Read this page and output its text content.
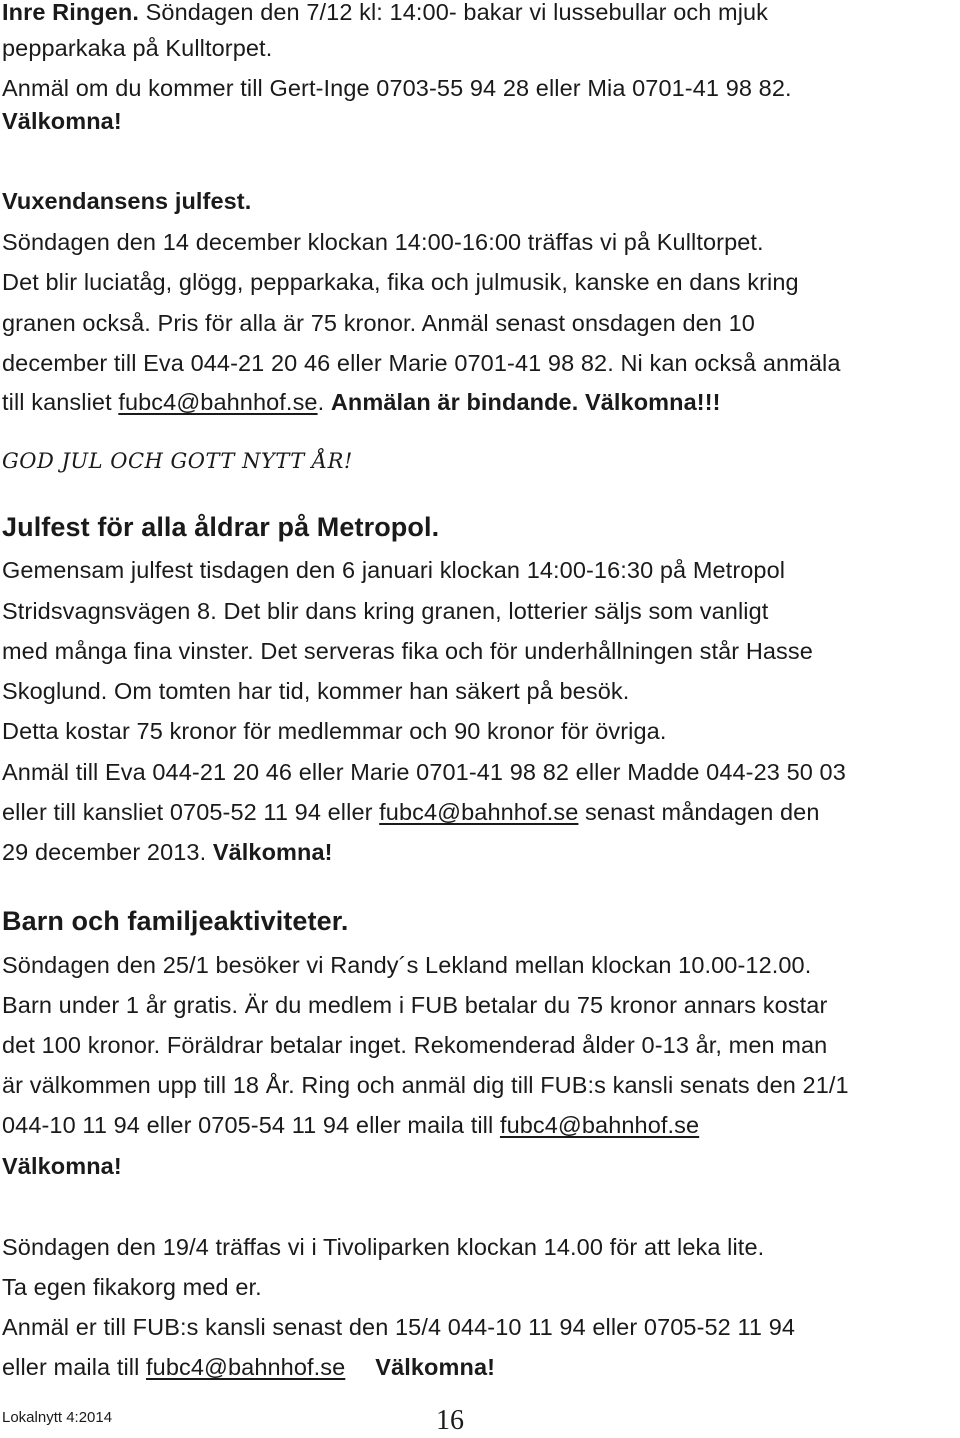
Inre Ringen. Söndagen den 7/12 kl: 14:00- bakar vi lussebullar och mjuk
pepparkaka på Kulltorpet.
Anmäl om du kommer till Gert-Inge 0703-55 94 28 eller Mia 0701-41 98 82.
Välkomna!
Vuxendansens julfest.
Söndagen den 14 december klockan 14:00-16:00 träffas vi på Kulltorpet.
Det blir luciatåg, glögg, pepparkaka, fika och julmusik, kanske en dans kring
granen också. Pris för alla är 75 kronor. Anmäl senast onsdagen den 10
december till Eva 044-21 20 46 eller Marie 0701-41 98 82. Ni kan också anmäla
till kansliet fubc4@bahnhof.se. Anmälan är bindande. Välkomna!!!
GOD JUL OCH GOTT NYTT ÅR!
Julfest för alla åldrar på Metropol.
Gemensam julfest tisdagen den 6 januari klockan 14:00-16:30 på Metropol
Stridsvagnsvägen 8. Det blir dans kring granen, lotterier säljs som vanligt
med många fina vinster. Det serveras fika och för underhållningen står Hasse
Skoglund. Om tomten har tid, kommer han säkert på besök.
Detta kostar 75 kronor för medlemmar och 90 kronor för övriga.
Anmäl till Eva 044-21 20 46 eller Marie 0701-41 98 82 eller Madde 044-23 50 03
eller till kansliet 0705-52 11 94 eller fubc4@bahnhof.se senast måndagen den
29 december 2013. Välkomna!
Barn och familjeaktiviteter.
Söndagen den 25/1 besöker vi Randy´s Lekland mellan klockan 10.00-12.00.
Barn under 1 år gratis. Är du medlem i FUB betalar du 75 kronor annars kostar
det 100 kronor. Föräldrar betalar inget. Rekomenderad ålder 0-13 år, men man
är välkommen upp till 18 År. Ring och anmäl dig till FUB:s kansli senats den 21/1
044-10 11 94 eller 0705-54 11 94 eller maila till fubc4@bahnhof.se
Välkomna!
Söndagen den 19/4 träffas vi i Tivoliparken klockan 14.00 för att leka lite.
Ta egen fikakorg med er.
Anmäl er till FUB:s kansli senast den 15/4 044-10 11 94 eller 0705-52 11 94
eller maila till fubc4@bahnhof.se Välkomna!
Lokalnytt 4:2014	16
